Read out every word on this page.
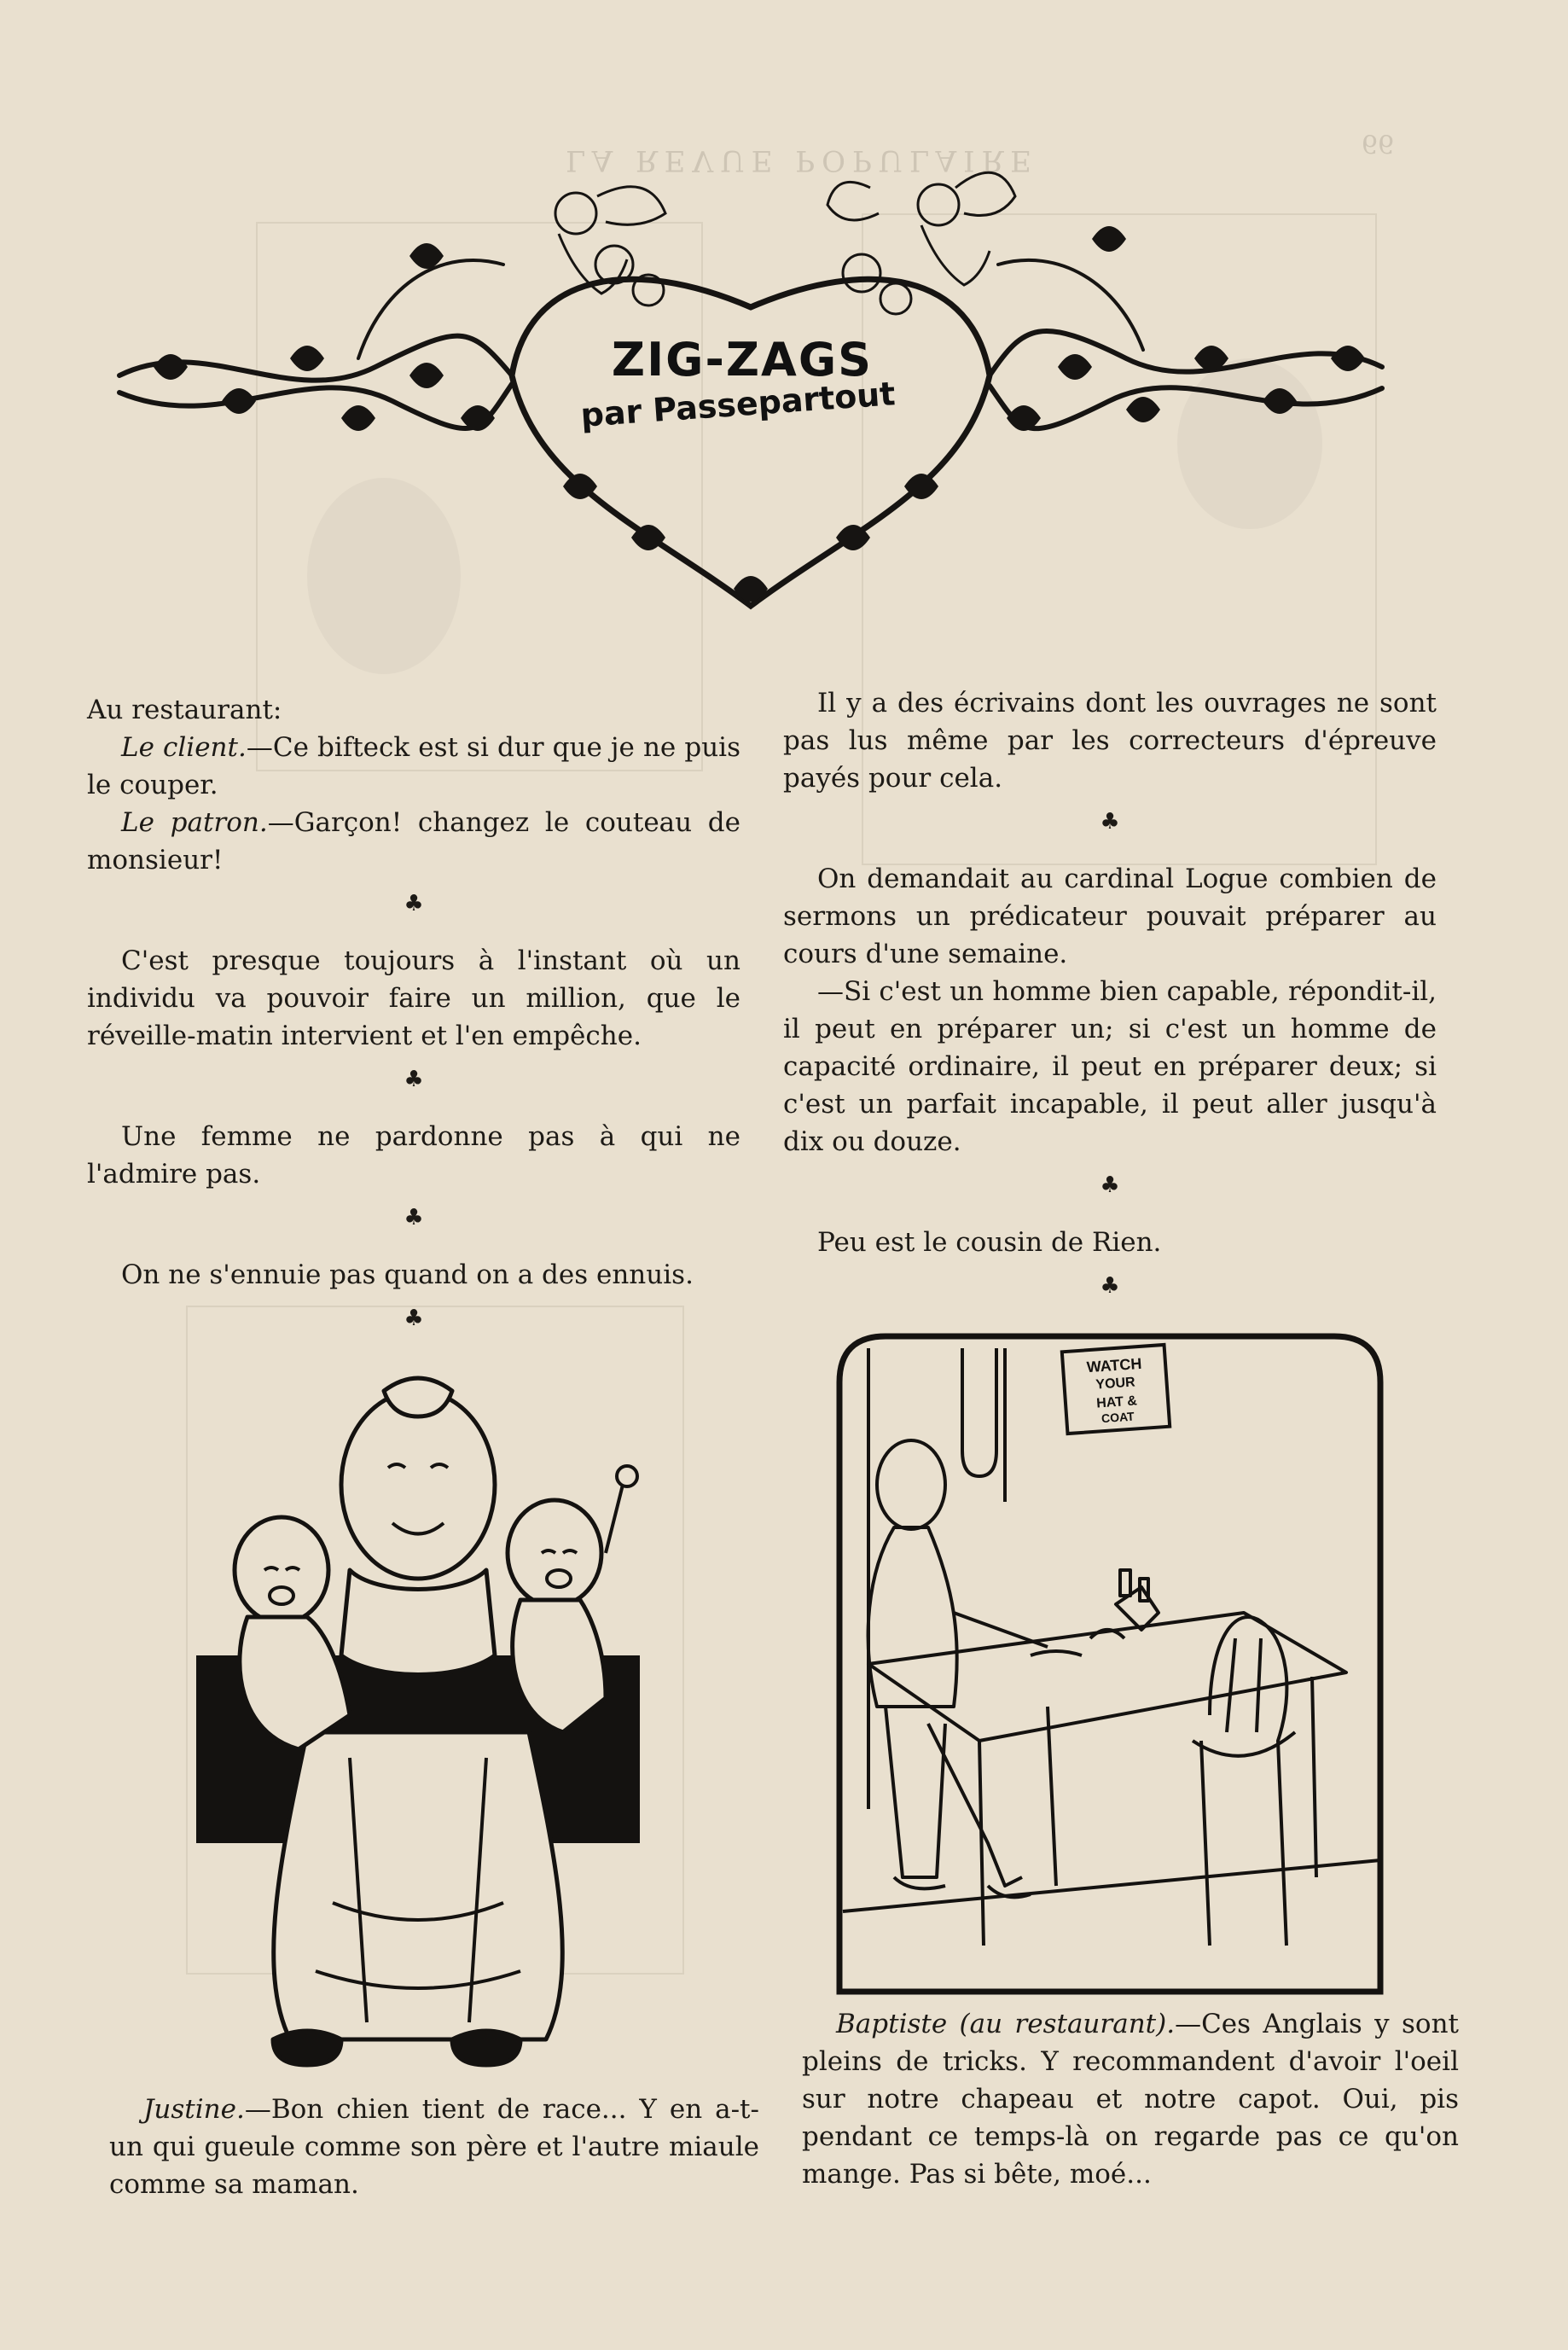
LA REVUE POPULAIRE
66
ZIG-ZAGS
par Passepartout

Au restaurant:

Le client.—Ce bifteck est si dur que je ne puis le couper.

Le patron.—Garçon! changez le couteau de monsieur!

♣

C'est presque toujours à l'instant où un individu va pouvoir faire un million, que le réveille-matin intervient et l'en empêche.

♣

Une femme ne pardonne pas à qui ne l'admire pas.

♣

On ne s'ennuie pas quand on a des ennuis.

♣

Il y a des écrivains dont les ouvrages ne sont pas lus même par les correcteurs d'épreuve payés pour cela.

♣

On demandait au cardinal Logue combien de sermons un prédicateur pouvait préparer au cours d'une semaine.

—Si c'est un homme bien capable, répondit-il, il peut en préparer un; si c'est un homme de capacité ordinaire, il peut en préparer deux; si c'est un parfait incapable, il peut aller jusqu'à dix ou douze.

♣

Peu est le cousin de Rien.

♣
WATCH
YOUR
HAT &
COAT
Justine.—Bon chien tient de race... Y en a-t-un qui gueule comme son père et l'autre miaule comme sa maman.
Baptiste (au restaurant).—Ces Anglais y sont pleins de tricks. Y recommandent d'avoir l'oeil sur notre chapeau et notre capot. Oui, pis pendant ce temps-là on regarde pas ce qu'on mange. Pas si bête, moé...
